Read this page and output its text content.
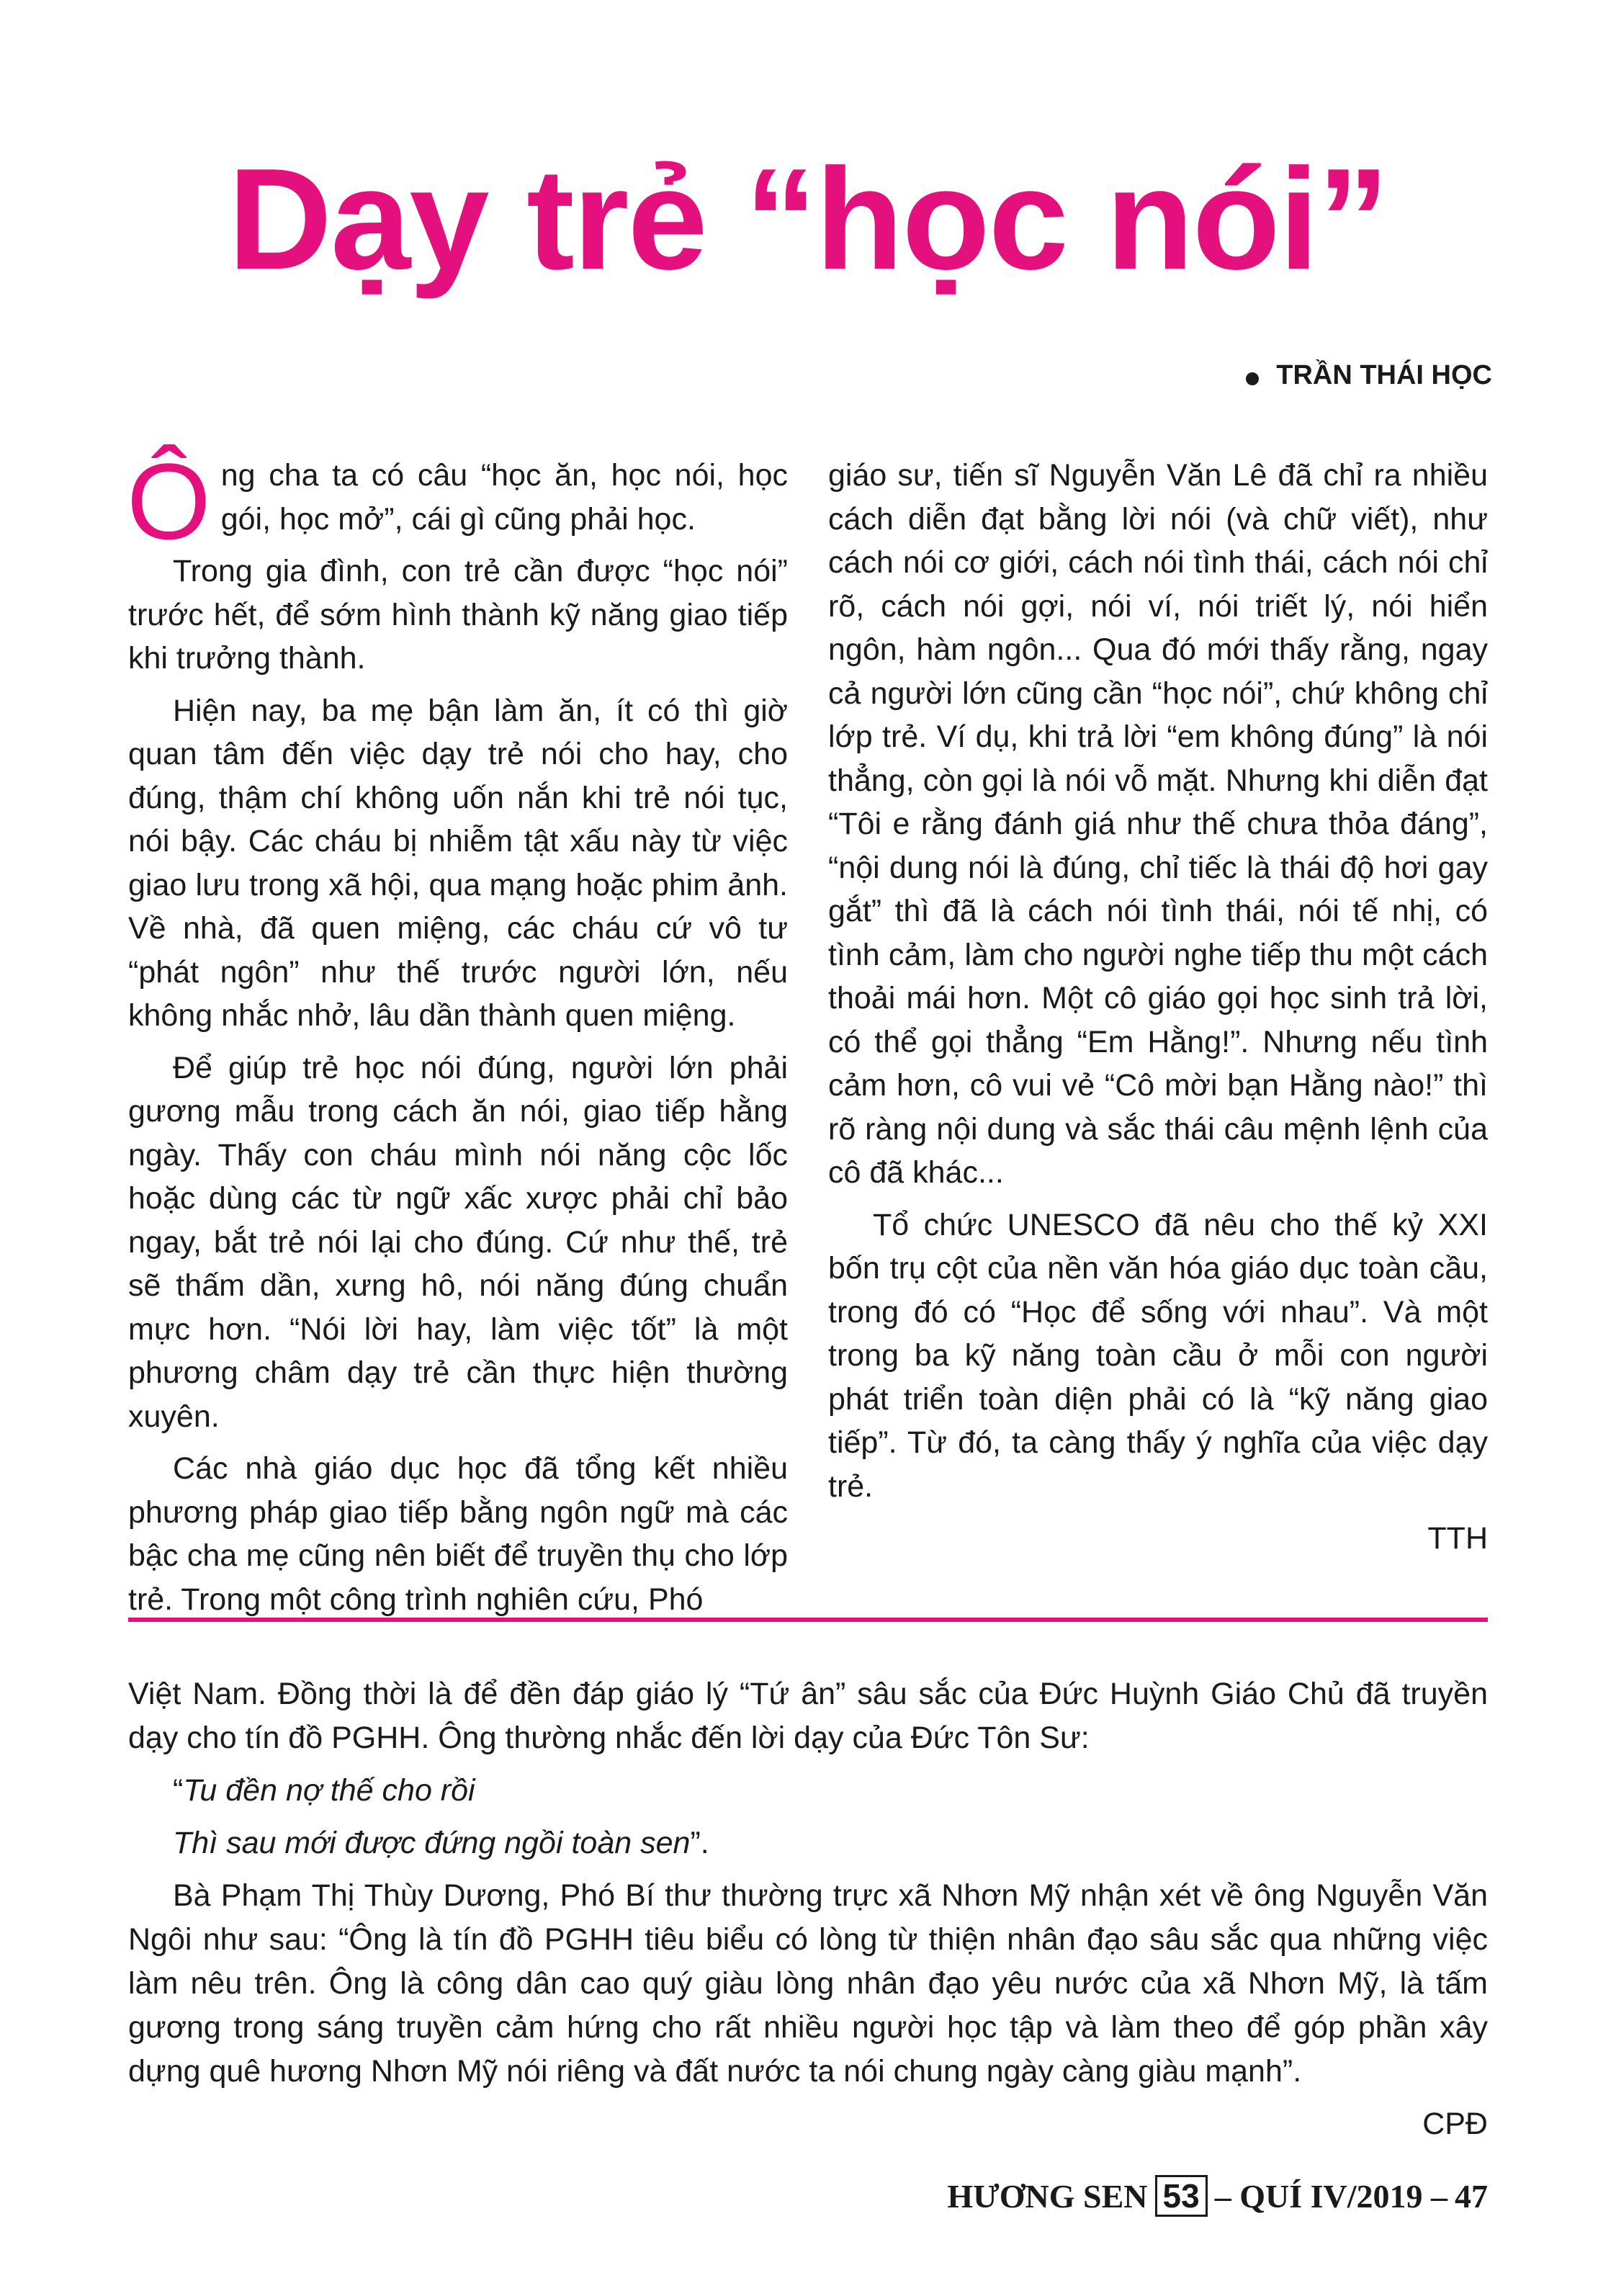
Dạy trẻ “học nói”
TRẦN THÁI HỌC

Ông cha ta có câu “học ăn, học nói, học gói, học mở”, cái gì cũng phải học.

Trong gia đình, con trẻ cần được “học nói” trước hết, để sớm hình thành kỹ năng giao tiếp khi trưởng thành.

Hiện nay, ba mẹ bận làm ăn, ít có thì giờ quan tâm đến việc dạy trẻ nói cho hay, cho đúng, thậm chí không uốn nắn khi trẻ nói tục, nói bậy. Các cháu bị nhiễm tật xấu này từ việc giao lưu trong xã hội, qua mạng hoặc phim ảnh. Về nhà, đã quen miệng, các cháu cứ vô tư “phát ngôn” như thế trước người lớn, nếu không nhắc nhở, lâu dần thành quen miệng.

Để giúp trẻ học nói đúng, người lớn phải gương mẫu trong cách ăn nói, giao tiếp hằng ngày. Thấy con cháu mình nói năng cộc lốc hoặc dùng các từ ngữ xấc xược phải chỉ bảo ngay, bắt trẻ nói lại cho đúng. Cứ như thế, trẻ sẽ thấm dần, xưng hô, nói năng đúng chuẩn mực hơn. “Nói lời hay, làm việc tốt” là một phương châm dạy trẻ cần thực hiện thường xuyên.

Các nhà giáo dục học đã tổng kết nhiều phương pháp giao tiếp bằng ngôn ngữ mà các bậc cha mẹ cũng nên biết để truyền thụ cho lớp trẻ. Trong một công trình nghiên cứu, Phó

giáo sư, tiến sĩ Nguyễn Văn Lê đã chỉ ra nhiều cách diễn đạt bằng lời nói (và chữ viết), như cách nói cơ giới, cách nói tình thái, cách nói chỉ rõ, cách nói gợi, nói ví, nói triết lý, nói hiển ngôn, hàm ngôn... Qua đó mới thấy rằng, ngay cả người lớn cũng cần “học nói”, chứ không chỉ lớp trẻ. Ví dụ, khi trả lời “em không đúng” là nói thẳng, còn gọi là nói vỗ mặt. Nhưng khi diễn đạt “Tôi e rằng đánh giá như thế chưa thỏa đáng”, “nội dung nói là đúng, chỉ tiếc là thái độ hơi gay gắt” thì đã là cách nói tình thái, nói tế nhị, có tình cảm, làm cho người nghe tiếp thu một cách thoải mái hơn. Một cô giáo gọi học sinh trả lời, có thể gọi thẳng “Em Hằng!”. Nhưng nếu tình cảm hơn, cô vui vẻ “Cô mời bạn Hằng nào!” thì rõ ràng nội dung và sắc thái câu mệnh lệnh của cô đã khác...

Tổ chức UNESCO đã nêu cho thế kỷ XXI bốn trụ cột của nền văn hóa giáo dục toàn cầu, trong đó có “Học để sống với nhau”. Và một trong ba kỹ năng toàn cầu ở mỗi con người phát triển toàn diện phải có là “kỹ năng giao tiếp”. Từ đó, ta càng thấy ý nghĩa của việc dạy trẻ.

TTH

Việt Nam. Đồng thời là để đền đáp giáo lý “Tứ ân” sâu sắc của Đức Huỳnh Giáo Chủ đã truyền dạy cho tín đồ PGHH. Ông thường nhắc đến lời dạy của Đức Tôn Sư:

“Tu đền nợ thế cho rồi

Thì sau mới được đứng ngồi toàn sen”.

Bà Phạm Thị Thùy Dương, Phó Bí thư thường trực xã Nhơn Mỹ nhận xét về ông Nguyễn Văn Ngôi như sau: “Ông là tín đồ PGHH tiêu biểu có lòng từ thiện nhân đạo sâu sắc qua những việc làm nêu trên. Ông là công dân cao quý giàu lòng nhân đạo yêu nước của xã Nhơn Mỹ, là tấm gương trong sáng truyền cảm hứng cho rất nhiều người học tập và làm theo để góp phần xây dựng quê hương Nhơn Mỹ nói riêng và đất nước ta nói chung ngày càng giàu mạnh”.

CPĐ
HƯƠNG SEN 53 – QUÍ IV/2019 – 47
